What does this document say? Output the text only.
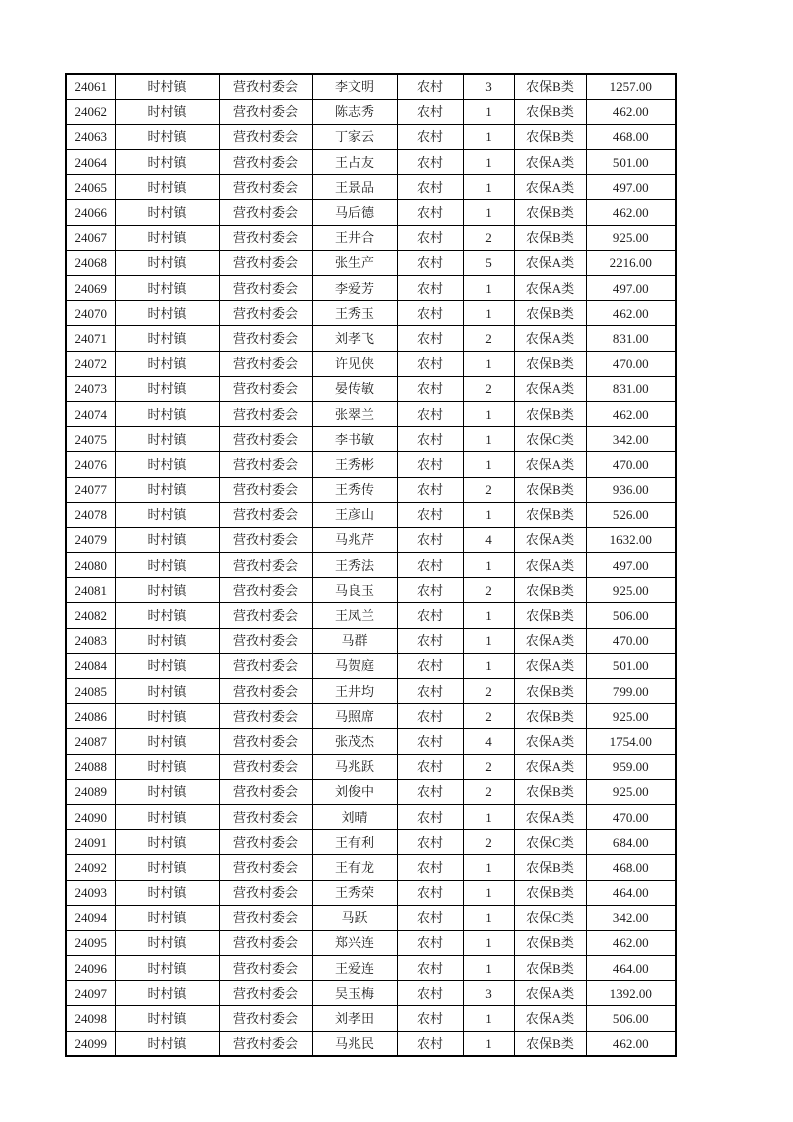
24061	时村镇	营孜村委会	李文明	农村	3	农保B类	1257.00
24062	时村镇	营孜村委会	陈志秀	农村	1	农保B类	462.00
24063	时村镇	营孜村委会	丁家云	农村	1	农保B类	468.00
24064	时村镇	营孜村委会	王占友	农村	1	农保A类	501.00
24065	时村镇	营孜村委会	王景品	农村	1	农保A类	497.00
24066	时村镇	营孜村委会	马后德	农村	1	农保B类	462.00
24067	时村镇	营孜村委会	王井合	农村	2	农保B类	925.00
24068	时村镇	营孜村委会	张生产	农村	5	农保A类	2216.00
24069	时村镇	营孜村委会	李爱芳	农村	1	农保A类	497.00
24070	时村镇	营孜村委会	王秀玉	农村	1	农保B类	462.00
24071	时村镇	营孜村委会	刘孝飞	农村	2	农保A类	831.00
24072	时村镇	营孜村委会	许见侠	农村	1	农保B类	470.00
24073	时村镇	营孜村委会	晏传敏	农村	2	农保A类	831.00
24074	时村镇	营孜村委会	张翠兰	农村	1	农保B类	462.00
24075	时村镇	营孜村委会	李书敏	农村	1	农保C类	342.00
24076	时村镇	营孜村委会	王秀彬	农村	1	农保A类	470.00
24077	时村镇	营孜村委会	王秀传	农村	2	农保B类	936.00
24078	时村镇	营孜村委会	王彦山	农村	1	农保B类	526.00
24079	时村镇	营孜村委会	马兆芹	农村	4	农保A类	1632.00
24080	时村镇	营孜村委会	王秀法	农村	1	农保A类	497.00
24081	时村镇	营孜村委会	马良玉	农村	2	农保B类	925.00
24082	时村镇	营孜村委会	王凤兰	农村	1	农保B类	506.00
24083	时村镇	营孜村委会	马群	农村	1	农保A类	470.00
24084	时村镇	营孜村委会	马贺庭	农村	1	农保A类	501.00
24085	时村镇	营孜村委会	王井均	农村	2	农保B类	799.00
24086	时村镇	营孜村委会	马照席	农村	2	农保B类	925.00
24087	时村镇	营孜村委会	张茂杰	农村	4	农保A类	1754.00
24088	时村镇	营孜村委会	马兆跃	农村	2	农保A类	959.00
24089	时村镇	营孜村委会	刘俊中	农村	2	农保B类	925.00
24090	时村镇	营孜村委会	刘晴	农村	1	农保A类	470.00
24091	时村镇	营孜村委会	王有利	农村	2	农保C类	684.00
24092	时村镇	营孜村委会	王有龙	农村	1	农保B类	468.00
24093	时村镇	营孜村委会	王秀荣	农村	1	农保B类	464.00
24094	时村镇	营孜村委会	马跃	农村	1	农保C类	342.00
24095	时村镇	营孜村委会	郑兴连	农村	1	农保B类	462.00
24096	时村镇	营孜村委会	王爱连	农村	1	农保B类	464.00
24097	时村镇	营孜村委会	吴玉梅	农村	3	农保A类	1392.00
24098	时村镇	营孜村委会	刘孝田	农村	1	农保A类	506.00
24099	时村镇	营孜村委会	马兆民	农村	1	农保B类	462.00
